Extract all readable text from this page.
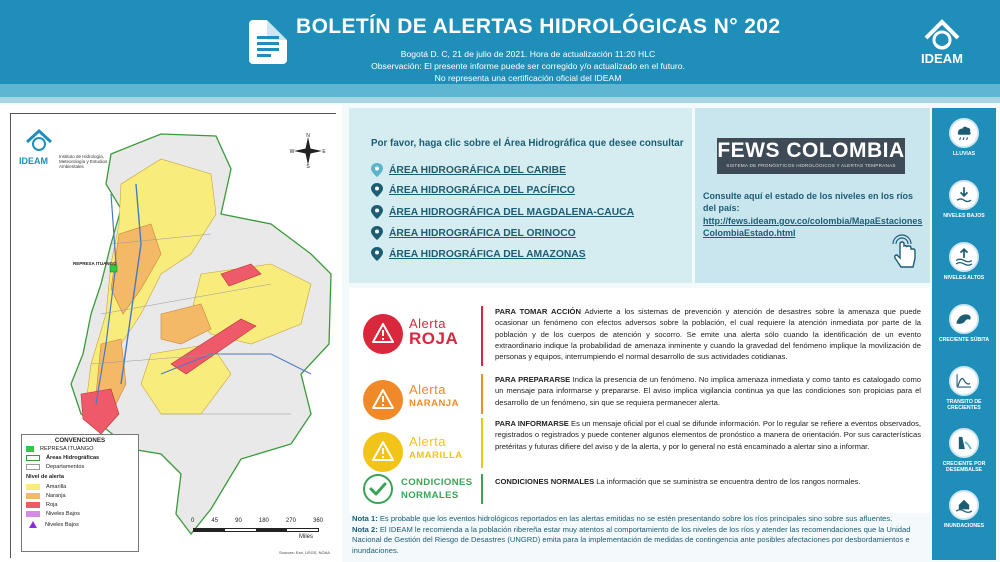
BOLETÍN DE ALERTAS HIDROLÓGICAS N° 202
Bogotá D. C, 21 de julio de 2021. Hora de actualización 11:20 HLC
Observación: El presente informe puede ser corregido y/o actualizado en el futuro.
No representa una certificación oficial del IDEAM
IDEAM
IDEAM Instituto de Hidrología, Meteorología y Estudios Ambientales
REPRESA ITUANGO
N
S
E
W
CONVENCIONES
REPRESA ITUANGO
Áreas Hidrográficas
Departamentos
Nivel de alerta
Amarilla
Naranja
Roja
Niveles Bajos
Niveles Bajos
0	45	90	180	270	360
Miles
Sources: Esri, USGS, NOAA
Por favor, haga clic sobre el Área Hidrográfica que desee consultar
ÁREA HIDROGRÁFICA DEL CARIBE
ÁREA HIDROGRÁFICA DEL PACÍFICO
ÁREA HIDROGRÁFICA DEL MAGDALENA-CAUCA
ÁREA HIDROGRÁFICA DEL ORINOCO
ÁREA HIDROGRÁFICA DEL AMAZONAS
FEWS COLOMBIA
SISTEMA DE PRONÓSTICOS HIDROLÓGICOS Y ALERTAS TEMPRANAS
Consulte aquí el estado de los niveles en los ríos del país:
http://fews.ideam.gov.co/colombia/MapaEstacionesColombiaEstado.html
Alerta
ROJA
PARA TOMAR ACCIÓN Advierte a los sistemas de prevención y atención de desastres sobre la amenaza que puede ocasionar un fenómeno con efectos adversos sobre la población, el cual requiere la atención inmediata por parte de la población y de los cuerpos de atención y socorro. Se emite una alerta sólo cuando la identificación de un evento extraordinario indique la probabilidad de amenaza inminente y cuando la gravedad del fenómeno implique la movilización de personas y equipos, interrumpiendo el normal desarrollo de sus actividades cotidianas.
Alerta
NARANJA
PARA PREPARARSE Indica la presencia de un fenómeno. No implica amenaza inmediata y como tanto es catalogado como un mensaje para informarse y prepararse. El aviso implica vigilancia continua ya que las condiciones son propicias para el desarrollo de un fenómeno, sin que se requiera permanecer alerta.
Alerta
AMARILLA
PARA INFORMARSE Es un mensaje oficial por el cual se difunde información. Por lo regular se refiere a eventos observados, registrados o registrados y puede contener algunos elementos de pronóstico a manera de orientación. Por sus características pretéritas y futuras difiere del aviso y de la alerta, y por lo general no está encaminado a alertar sino a informar.
CONDICIONES
NORMALES
CONDICIONES NORMALES La información que se suministra se encuentra dentro de los rangos normales.
Nota 1: Es probable que los eventos hidrológicos reportados en las alertas emitidas no se estén presentando sobre los ríos principales sino sobre sus afluentes.
Nota 2: El IDEAM le recomienda a la población ribereña estar muy atentos al comportamiento de los niveles de los ríos y atender las recomendaciones que la Unidad Nacional de Gestión del Riesgo de Desastres (UNGRD) emita para la implementación de medidas de contingencia ante posibles afectaciones por desbordamientos e inundaciones.
LLUVIAS
NIVELES BAJOS
NIVELES ALTOS
CRECIENTE SÚBITA
TRANSITO DE CRECIENTES
CRECIENTE POR DESEMBALSE
INUNDACIONES
